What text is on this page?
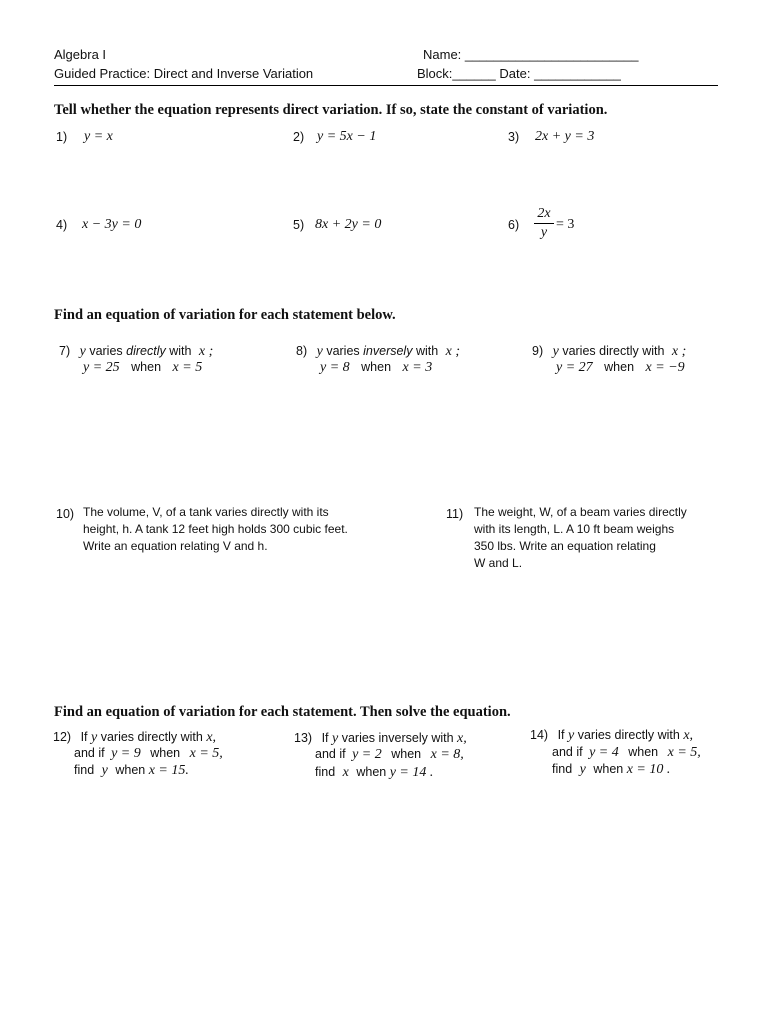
Algebra I
Guided Practice: Direct and Inverse Variation
Name: ________________________
Block:______ Date: ____________
Tell whether the equation represents direct variation. If so, state the constant of variation.
1) y = x	2) y = 5x − 1	3) 2x + y = 3
4) x − 3y = 0	5) 8x + 2y = 0	6)
2x
y
= 3
Find an equation of variation for each statement below.
7) y varies directly with x ;
y = 25 when x = 5
8) y varies inversely with x ;
y = 8 when x = 3
9) y varies directly with x ;
y = 27 when x = −9
10) The volume, V, of a tank varies directly with its
height, h. A tank 12 feet high holds 300 cubic feet.
Write an equation relating V and h.
11) The weight, W, of a beam varies directly
with its length, L. A 10 ft beam weighs
350 lbs. Write an equation relating
W and L.
Find an equation of variation for each statement. Then solve the equation.
12) If y varies directly with x,
and if y = 9 when x = 5,
find y when x = 15.
13) If y varies inversely with x,
and if y = 2 when x = 8,
find x when y = 14 .
14) If y varies directly with x,
and if y = 4 when x = 5,
find y when x = 10 .
